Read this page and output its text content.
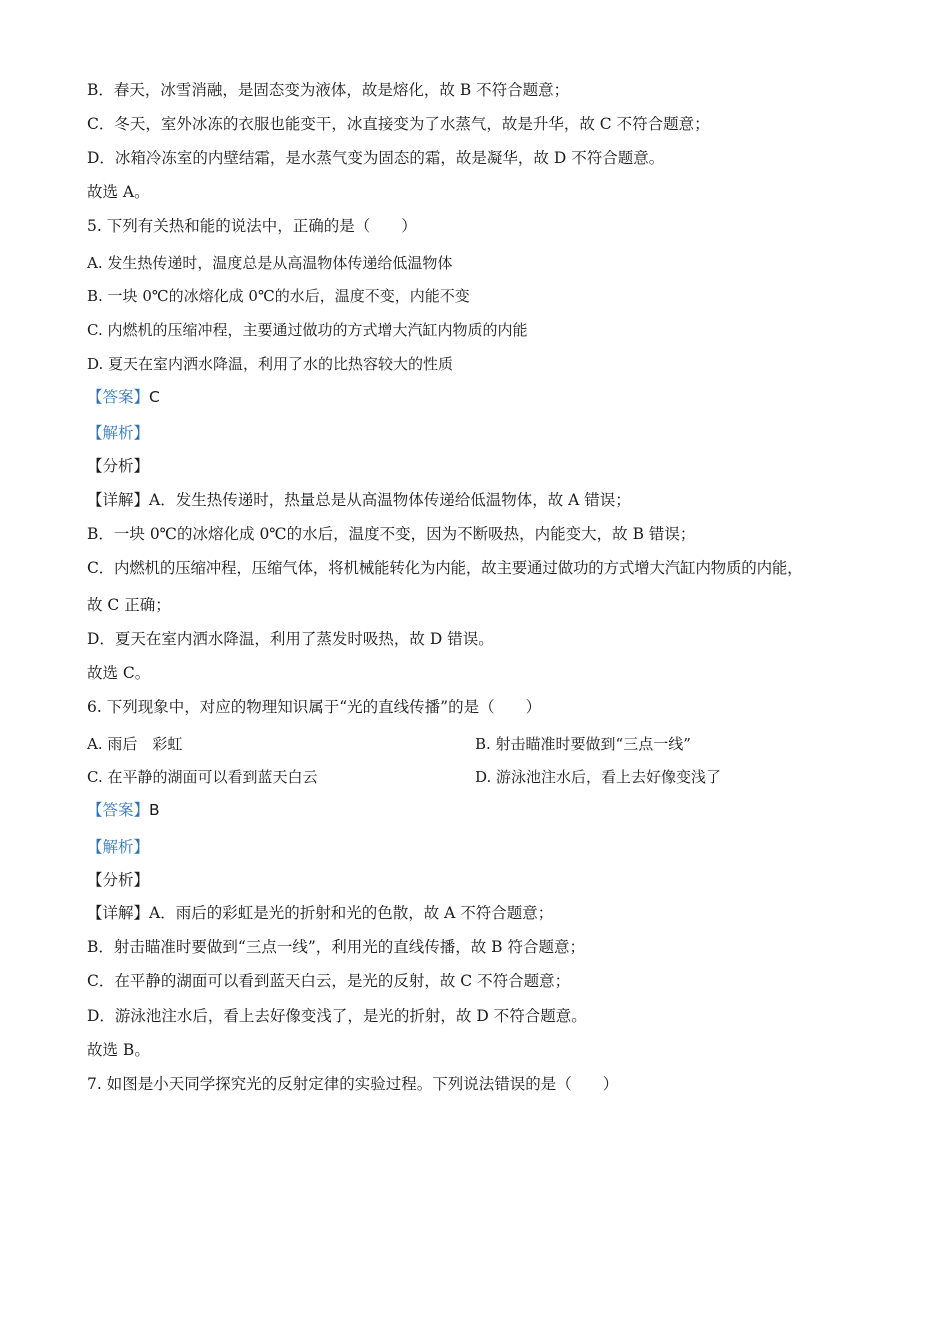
B．春天，冰雪消融，是固态变为液体，故是熔化，故 B 不符合题意；
C．冬天，室外冰冻的衣服也能变干，冰直接变为了水蒸气，故是升华，故 C 不符合题意；
D．冰箱冷冻室的内壁结霜，是水蒸气变为固态的霜，故是凝华，故 D 不符合题意。
故选 A。
5. 下列有关热和能的说法中，正确的是（　　）
A. 发生热传递时，温度总是从高温物体传递给低温物体
B. 一块 0℃的冰熔化成 0℃的水后，温度不变，内能不变
C. 内燃机的压缩冲程，主要通过做功的方式增大汽缸内物质的内能
D. 夏天在室内洒水降温，利用了水的比热容较大的性质
【答案】C
【解析】
【分析】
【详解】A．发生热传递时，热量总是从高温物体传递给低温物体，故 A 错误；
B．一块 0℃的冰熔化成 0℃的水后，温度不变，因为不断吸热，内能变大，故 B 错误；
C．内燃机的压缩冲程，压缩气体，将机械能转化为内能，故主要通过做功的方式增大汽缸内物质的内能，
故 C 正确；
D．夏天在室内洒水降温，利用了蒸发时吸热，故 D 错误。
故选 C。
6. 下列现象中，对应的物理知识属于“光的直线传播”的是（　　）
A. 雨后　彩虹	B. 射击瞄准时要做到“三点一线”
C. 在平静的湖面可以看到蓝天白云	D. 游泳池注水后，看上去好像变浅了
【答案】B
【解析】
【分析】
【详解】A．雨后的彩虹是光的折射和光的色散，故 A 不符合题意；
B．射击瞄准时要做到“三点一线”，利用光的直线传播，故 B 符合题意；
C．在平静的湖面可以看到蓝天白云，是光的反射，故 C 不符合题意；
D．游泳池注水后，看上去好像变浅了，是光的折射，故 D 不符合题意。
故选 B。
7. 如图是小天同学探究光的反射定律的实验过程。下列说法错误的是（　　）
